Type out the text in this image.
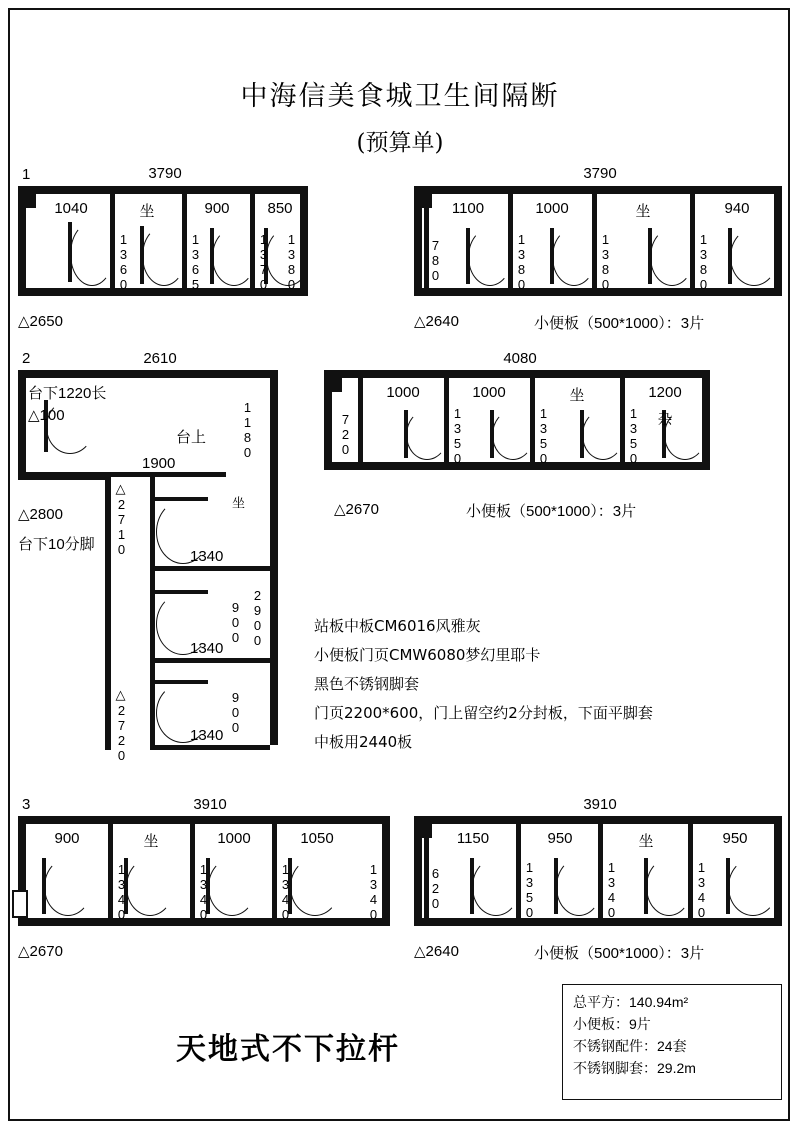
中海信美食城卫生间隔断
(预算单)
1	3790
1040	坐	900	850
1360	1365	1370 1380
△2650
3790
1100	1000	坐	940
780	1380	1380	1380
△2640	小便板（500*1000）：3片
2	2610
台下1220长
△100
台上	1180
1900
△2710	坐
1340
900
1340
2900
△2720	900
1340
△2800
台下10分脚
4080
1000	1000	坐	1200
杂
720	1350	1350	1350
△2670	小便板（500*1000）：3片
站板中板CM6016风雅灰
小便板门页CMW6080梦幻里耶卡
黑色不锈钢脚套
门页2200*600，门上留空约2分封板，下面平脚套
中板用2440板
3	3910
900	坐	1000	1050
1340	1340	1340	1340
△2670
3910
1150	950	坐	950
620	1350	1340	1340
△2640	小便板（500*1000）：3片
天地式不下拉杆
总平方：140.94m²
小便板：9片
不锈钢配件：24套
不锈钢脚套：29.2m
